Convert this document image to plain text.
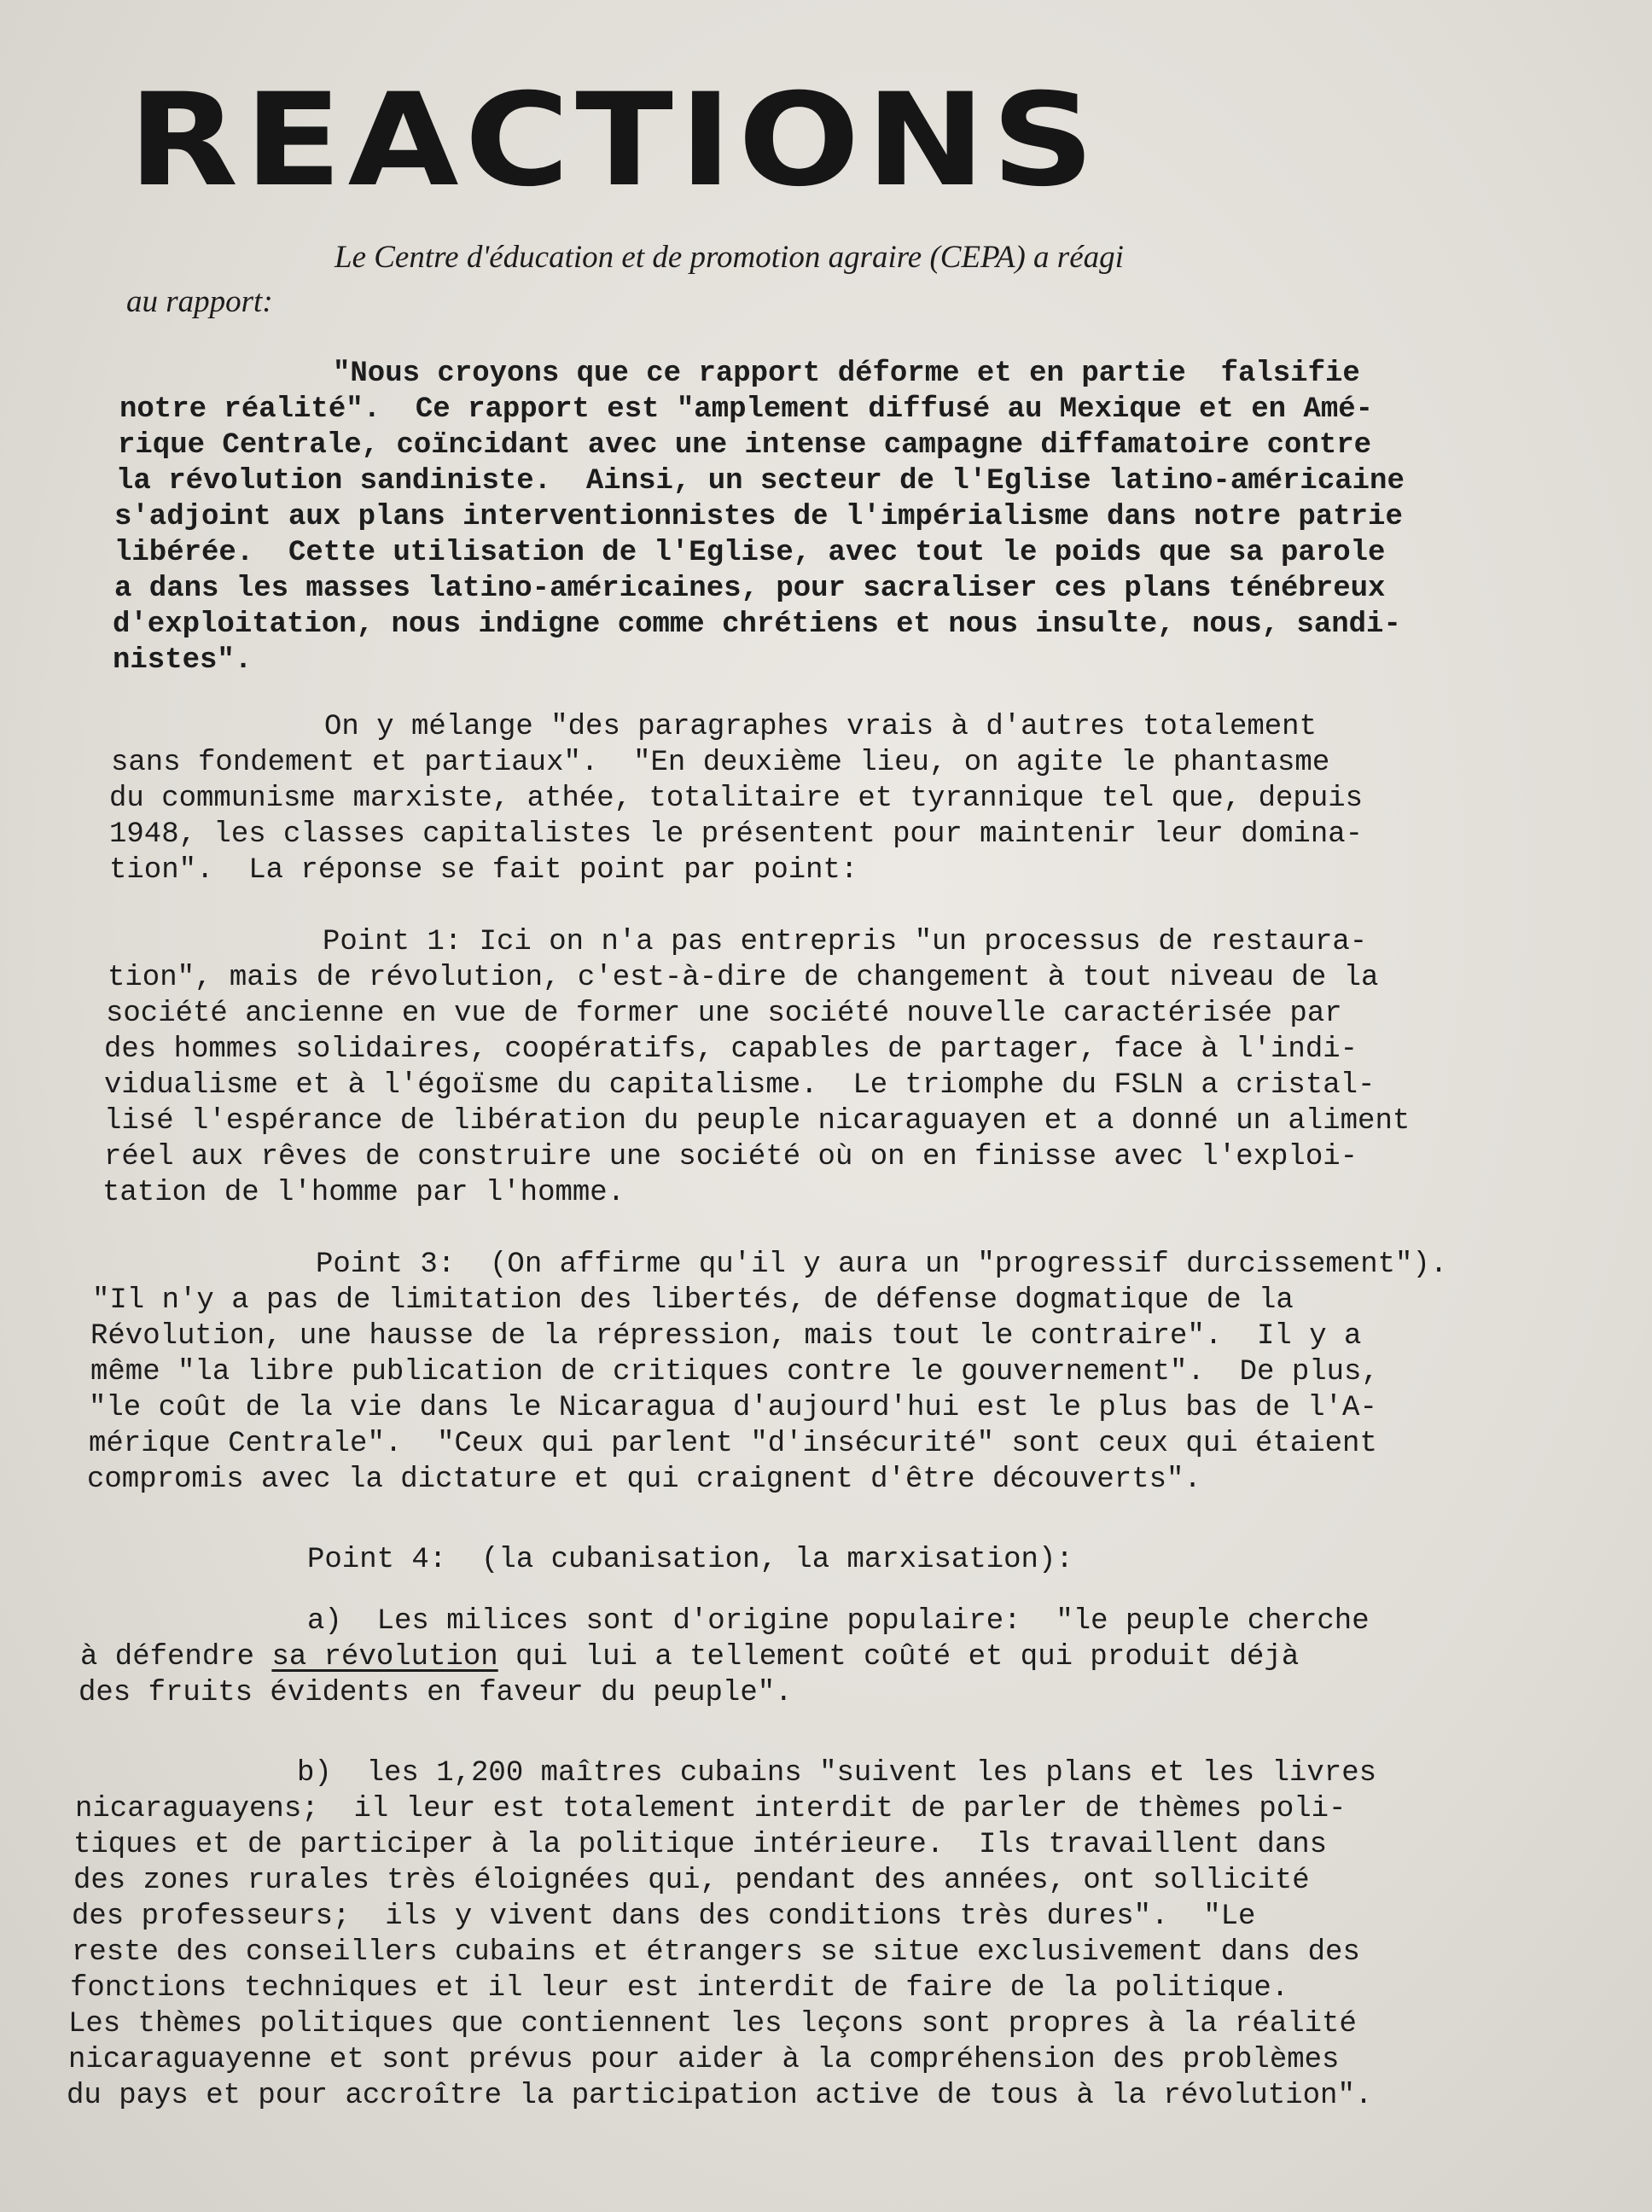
REACTIONS
Le Centre d'éducation et de promotion agraire (CEPA) a réagi
au rapport:
"Nous croyons que ce rapport déforme et en partie  falsifie
notre réalité".  Ce rapport est "amplement diffusé au Mexique et en Amé-
rique Centrale, coïncidant avec une intense campagne diffamatoire contre
la révolution sandiniste.  Ainsi, un secteur de l'Eglise latino-américaine
s'adjoint aux plans interventionnistes de l'impérialisme dans notre patrie
libérée.  Cette utilisation de l'Eglise, avec tout le poids que sa parole
a dans les masses latino-américaines, pour sacraliser ces plans ténébreux
d'exploitation, nous indigne comme chrétiens et nous insulte, nous, sandi-
nistes".
On y mélange "des paragraphes vrais à d'autres totalement
sans fondement et partiaux".  "En deuxième lieu, on agite le phantasme
du communisme marxiste, athée, totalitaire et tyrannique tel que, depuis
1948, les classes capitalistes le présentent pour maintenir leur domina-
tion".  La réponse se fait point par point:
Point 1: Ici on n'a pas entrepris "un processus de restaura-
tion", mais de révolution, c'est-à-dire de changement à tout niveau de la
société ancienne en vue de former une société nouvelle caractérisée par
des hommes solidaires, coopératifs, capables de partager, face à l'indi-
vidualisme et à l'égoïsme du capitalisme.  Le triomphe du FSLN a cristal-
lisé l'espérance de libération du peuple nicaraguayen et a donné un aliment
réel aux rêves de construire une société où on en finisse avec l'exploi-
tation de l'homme par l'homme.
Point 3:  (On affirme qu'il y aura un "progressif durcissement").
"Il n'y a pas de limitation des libertés, de défense dogmatique de la
Révolution, une hausse de la répression, mais tout le contraire".  Il y a
même "la libre publication de critiques contre le gouvernement".  De plus,
"le coût de la vie dans le Nicaragua d'aujourd'hui est le plus bas de l'A-
mérique Centrale".  "Ceux qui parlent "d'insécurité" sont ceux qui étaient
compromis avec la dictature et qui craignent d'être découverts".
Point 4:  (la cubanisation, la marxisation):
a)  Les milices sont d'origine populaire:  "le peuple cherche
à défendre sa révolution qui lui a tellement coûté et qui produit déjà
des fruits évidents en faveur du peuple".
b)  les 1,200 maîtres cubains "suivent les plans et les livres
nicaraguayens;  il leur est totalement interdit de parler de thèmes poli-
tiques et de participer à la politique intérieure.  Ils travaillent dans
des zones rurales très éloignées qui, pendant des années, ont sollicité
des professeurs;  ils y vivent dans des conditions très dures".  "Le
reste des conseillers cubains et étrangers se situe exclusivement dans des
fonctions techniques et il leur est interdit de faire de la politique.
Les thèmes politiques que contiennent les leçons sont propres à la réalité
nicaraguayenne et sont prévus pour aider à la compréhension des problèmes
du pays et pour accroître la participation active de tous à la révolution".
